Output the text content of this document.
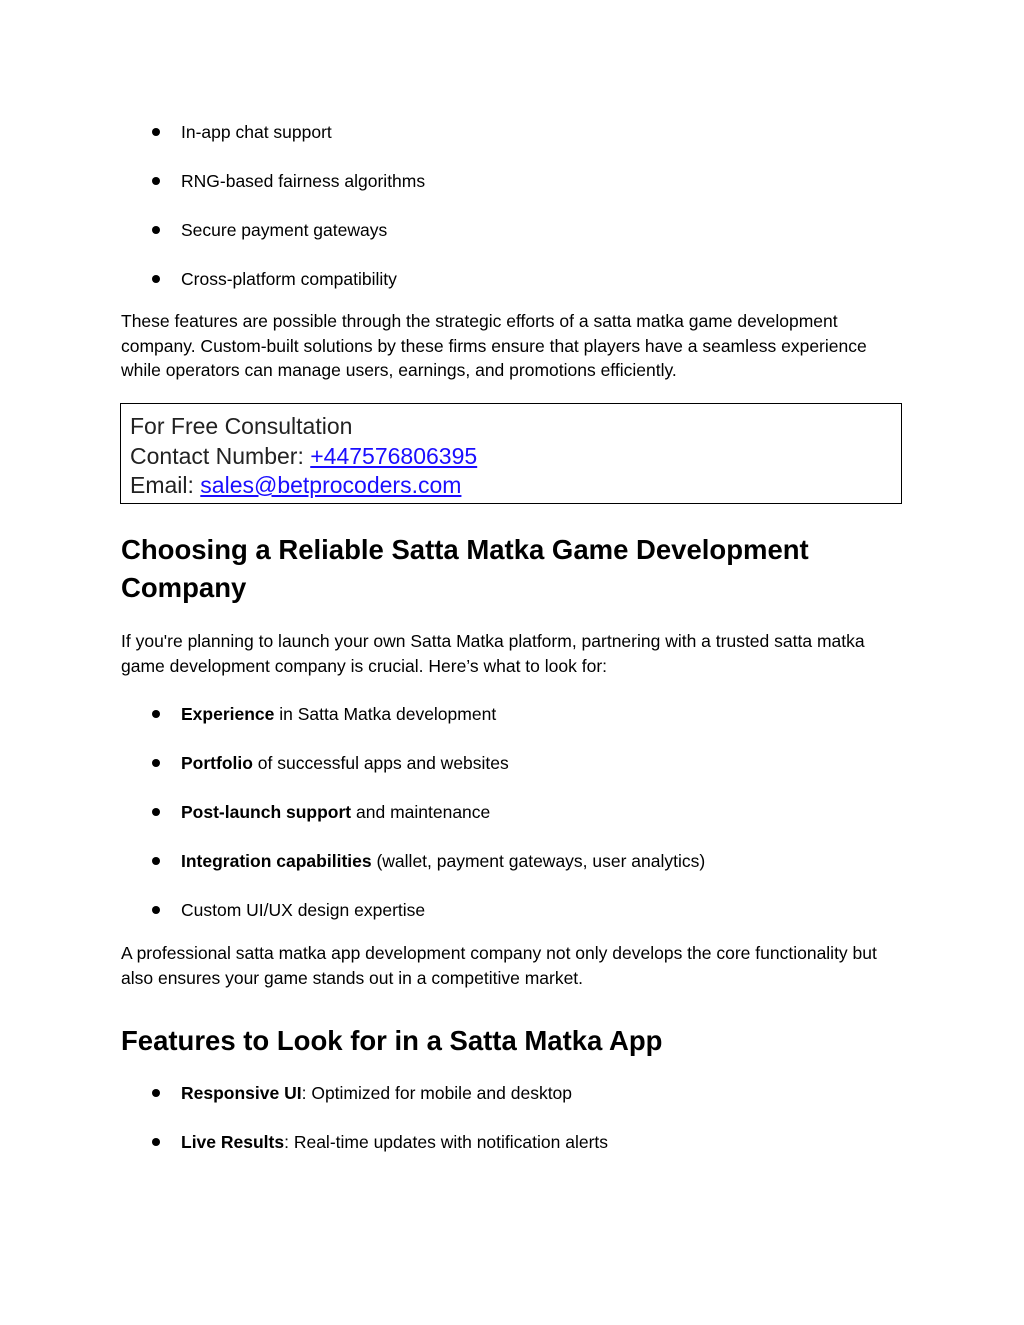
In-app chat support
RNG-based fairness algorithms
Secure payment gateways
Cross-platform compatibility

These features are possible through the strategic efforts of a satta matka game development company. Custom-built solutions by these firms ensure that players have a seamless experience while operators can manage users, earnings, and promotions efficiently.

For Free Consultation
Contact Number: +447576806395
Email: sales@betprocoders.com
Choosing a Reliable Satta Matka Game Development Company

If you're planning to launch your own Satta Matka platform, partnering with a trusted satta matka game development company is crucial. Here’s what to look for:

Experience in Satta Matka development
Portfolio of successful apps and websites
Post-launch support and maintenance
Integration capabilities (wallet, payment gateways, user analytics)
Custom UI/UX design expertise

A professional satta matka app development company not only develops the core functionality but also ensures your game stands out in a competitive market.

Features to Look for in a Satta Matka App
Responsive UI: Optimized for mobile and desktop
Live Results: Real-time updates with notification alerts
